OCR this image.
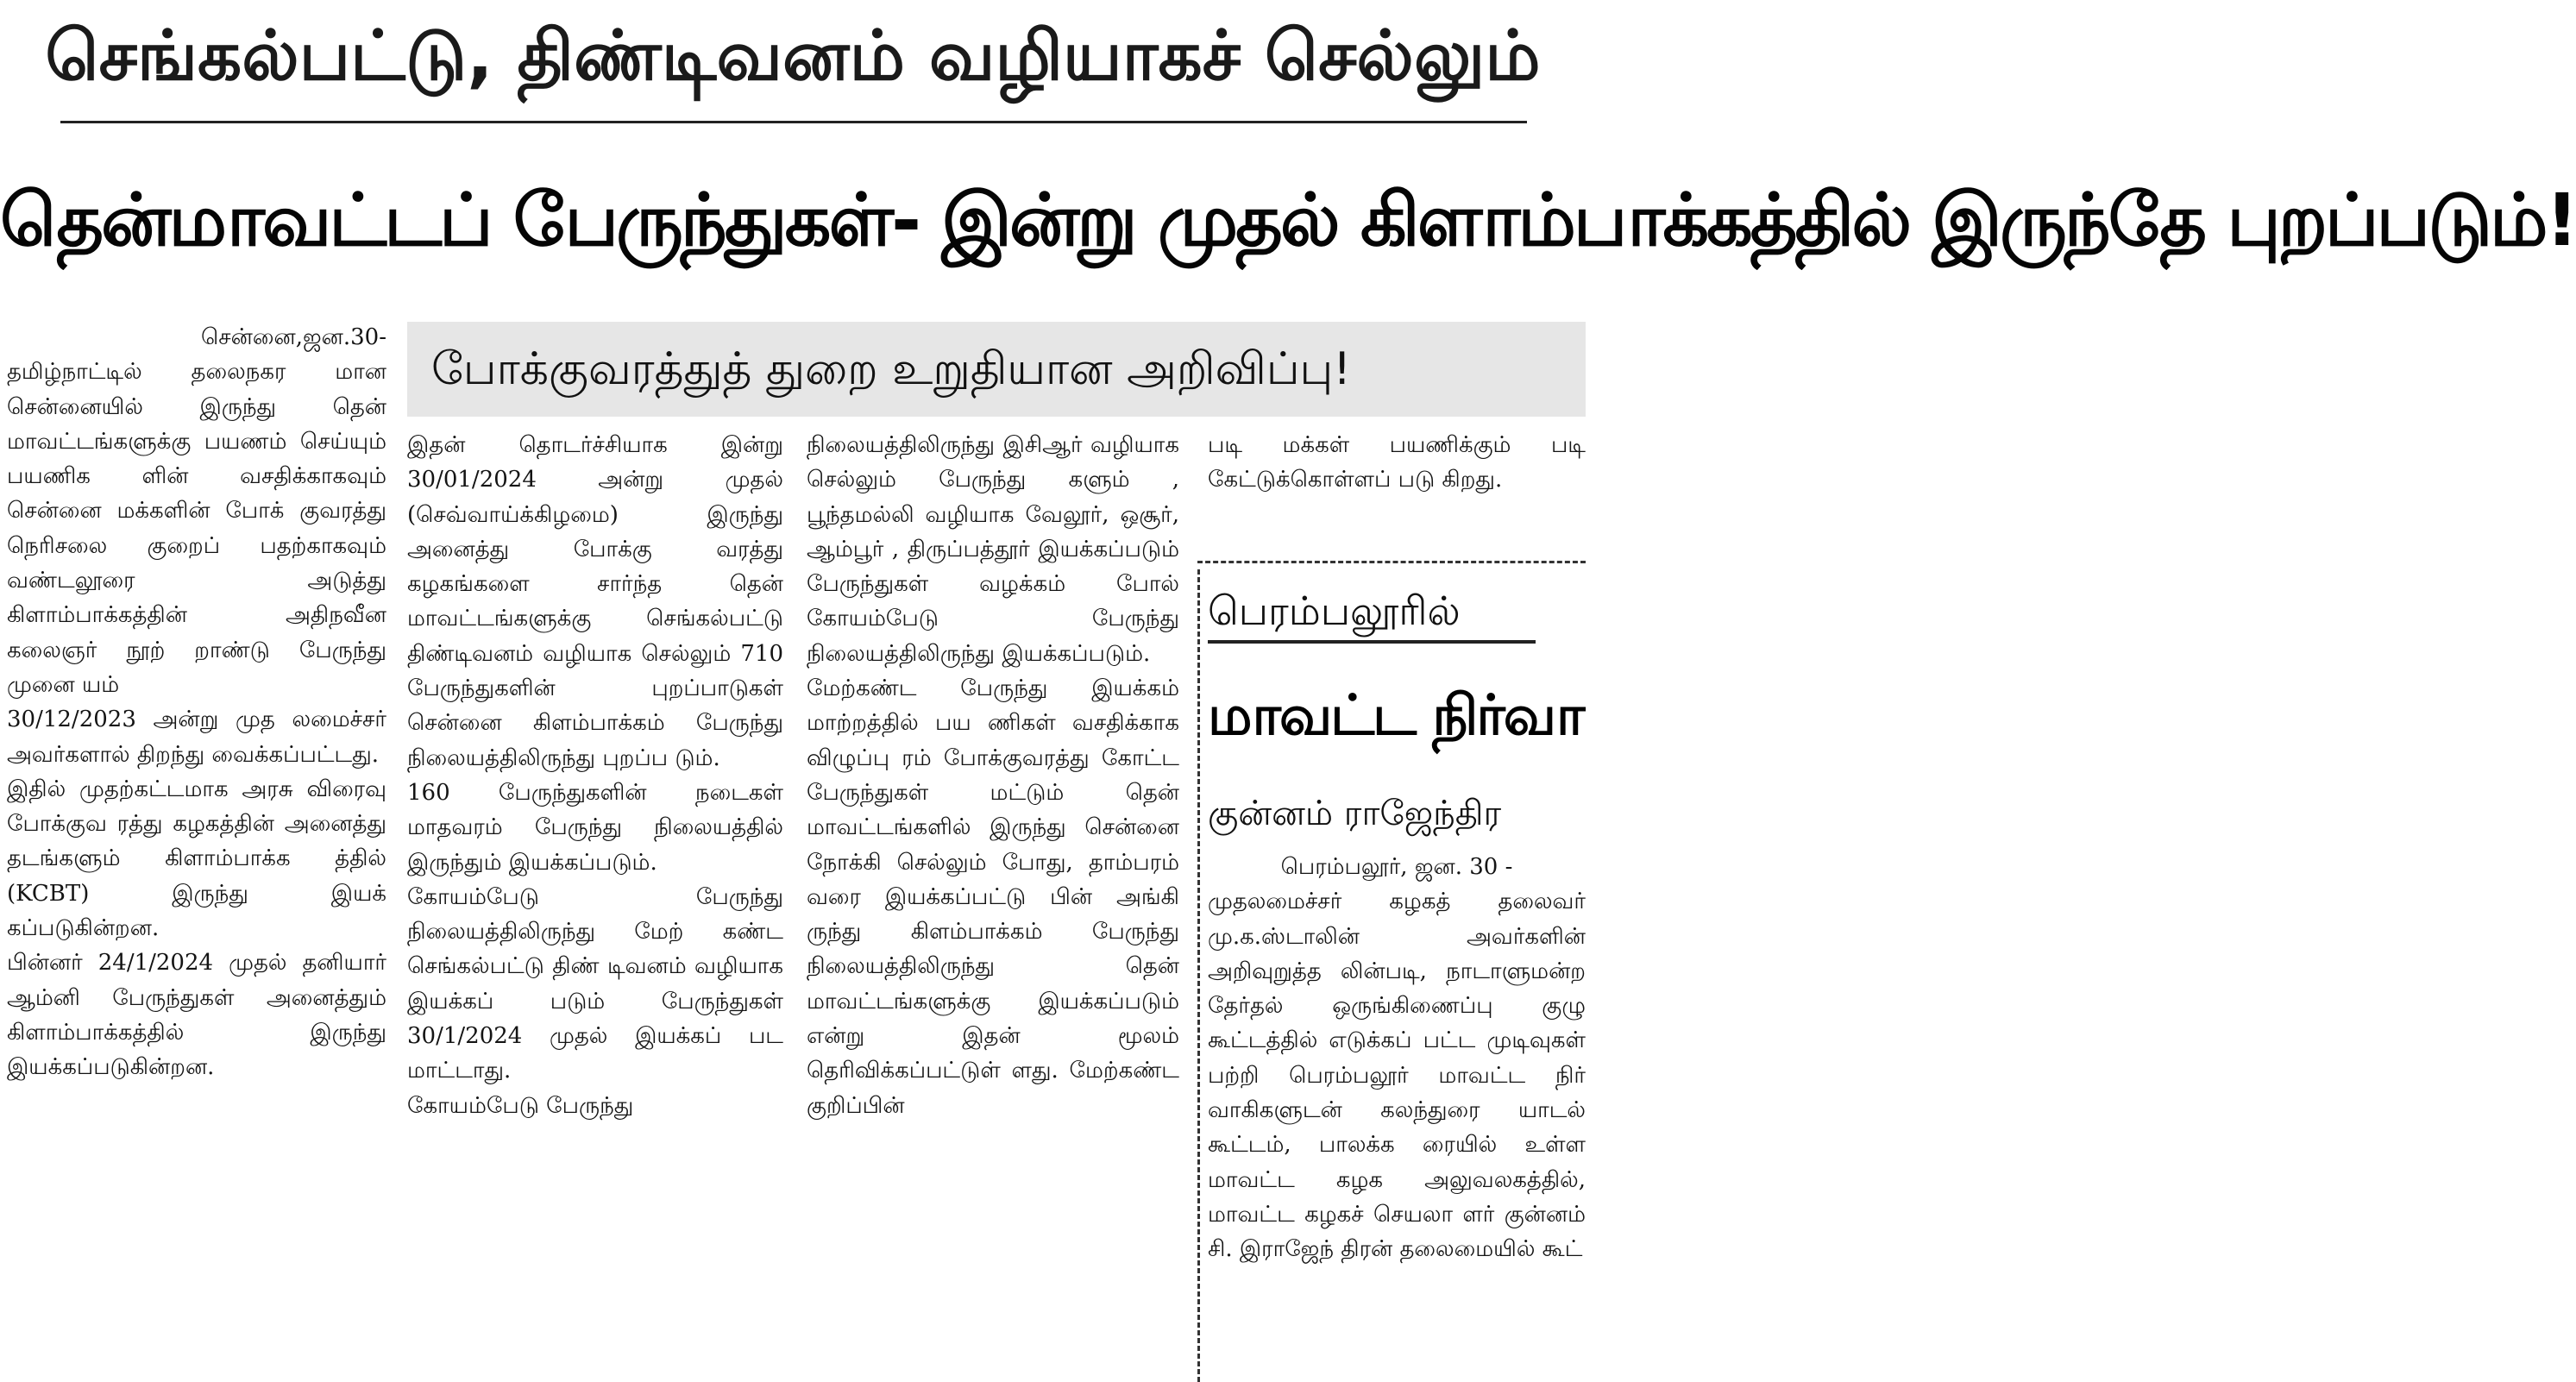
செங்கல்பட்டு, திண்டிவனம் வழியாகச் செல்லும்
தென்மாவட்டப் பேருந்துகள்- இன்று முதல் கிளாம்பாக்கத்தில் இருந்தே புறப்படும்!
போக்குவரத்துத் துறை உறுதியான அறிவிப்பு!

சென்னை,ஜன.30-

தமிழ்நாட்டில் தலைநகர மான சென்னையில் இருந்து தென் மாவட்டங்களுக்கு பயணம் செய்யும் பயணிக ளின் வசதிக்காகவும் சென்னை மக்களின் போக் குவரத்து நெரிசலை குறைப் பதற்காகவும் வண்டலூரை அடுத்து கிளாம்பாக்கத்தின் அதிநவீன கலைஞர் நூற் றாண்டு பேருந்து முனை யம்

30/12/2023 அன்று முத லமைச்சர் அவர்களால் திறந்து வைக்கப்பட்டது.

இதில் முதற்கட்டமாக அரசு விரைவு போக்குவ ரத்து கழகத்தின் அனைத்து தடங்களும் கிளாம்பாக்க த்தில் (KCBT) இருந்து இயக் கப்படுகின்றன.

பின்னர் 24/1/2024 முதல் தனியார் ஆம்னி பேருந்துகள் அனைத்தும் கிளாம்பாக்கத்தில் இருந்து இயக்கப்படுகின்றன.

இதன் தொடர்ச்சியாக இன்று 30/01/2024 அன்று முதல் (செவ்வாய்க்கிழமை) இருந்து அனைத்து போக்கு வரத்து கழகங்களை சார்ந்த தென் மாவட்டங்களுக்கு செங்கல்பட்டு திண்டிவனம் வழியாக செல்லும் 710 பேருந்துகளின் புறப்பாடுகள் சென்னை கிளம்பாக்கம் பேருந்து நிலையத்திலிருந்து புறப்ப டும்.

160 பேருந்துகளின் நடைகள் மாதவரம் பேருந்து நிலையத்தில் இருந்தும் இயக்கப்படும்.

கோயம்பேடு பேருந்து நிலையத்திலிருந்து மேற் கண்ட செங்கல்பட்டு திண் டிவனம் வழியாக இயக்கப் படும் பேருந்துகள் 30/1/2024 முதல் இயக்கப் பட மாட்டாது.

கோயம்பேடு பேருந்து

நிலையத்திலிருந்து இசிஆர் வழியாக செல்லும் பேருந்து களும் , பூந்தமல்லி வழியாக வேலூர், ஒசூர், ஆம்பூர் , திருப்பத்தூர் இயக்கப்படும் பேருந்துகள் வழக்கம் போல் கோயம்பேடு பேருந்து நிலையத்திலிருந்து இயக்கப்படும்.

மேற்கண்ட பேருந்து இயக்கம் மாற்றத்தில் பய ணிகள் வசதிக்காக விழுப்பு ரம் போக்குவரத்து கோட்ட பேருந்துகள் மட்டும் தென் மாவட்டங்களில் இருந்து சென்னை நோக்கி செல்லும் போது, தாம்பரம் வரை இயக்கப்பட்டு பின் அங்கி ருந்து கிளம்பாக்கம் பேருந்து நிலையத்திலிருந்து தென் மாவட்டங்களுக்கு இயக்கப்படும் என்று இதன் மூலம் தெரிவிக்கப்பட்டுள் ளது. மேற்கண்ட குறிப்பின்

படி மக்கள் பயணிக்கும் படி கேட்டுக்கொள்ளப் படு கிறது.

பெரம்பலூரில்
மாவட்ட நிர்வா
குன்னம் ராஜேந்திர

பெரம்பலூர், ஜன. 30 -

முதலமைச்சர் கழகத் தலைவர் மு.க.ஸ்டாலின் அவர்களின் அறிவுறுத்த லின்படி, நாடாளுமன்ற தேர்தல் ஒருங்கிணைப்பு குழு கூட்டத்தில் எடுக்கப் பட்ட முடிவுகள் பற்றி பெரம்பலூர் மாவட்ட நிர் வாகிகளுடன் கலந்துரை யாடல் கூட்டம், பாலக்க ரையில் உள்ள மாவட்ட கழக அலுவலகத்தில், மாவட்ட கழகச் செயலா ளர் குன்னம் சி. இராஜேந் திரன் தலைமையில் கூட்
